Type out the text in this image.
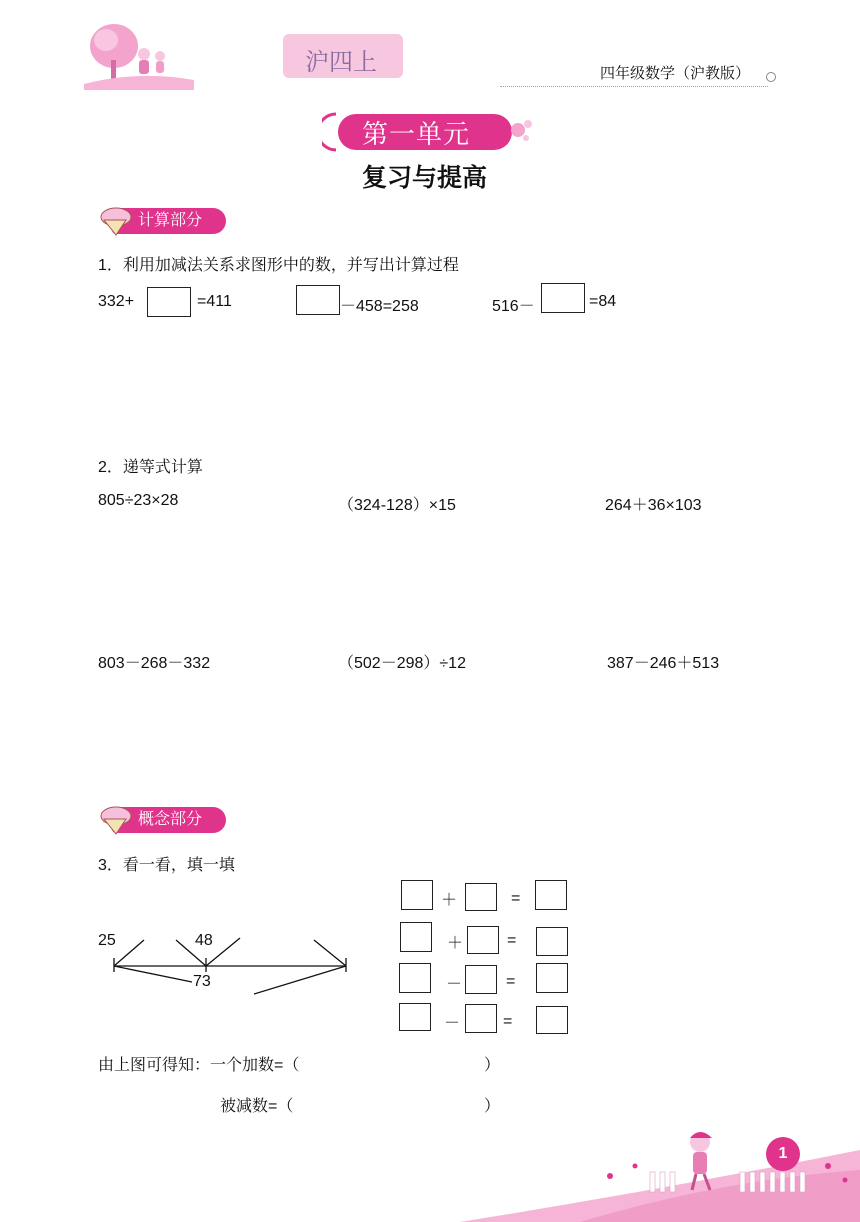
沪四上	四年级数学（沪教版）
第一单元
复习与提高
计算部分
1．利用加减法关系求图形中的数，并写出计算过程
332+	=411	－458=258	516－	=84
2．递等式计算
805÷23×28	（324-128）×15	264＋36×103
803－268－332	（502－298）÷12	387－246＋513
概念部分
3．看一看，填一填
25	48
73
＋	=
＋	=
－	=
－	=
由上图可得知：一个加数=（	）
被减数=（	）
1
